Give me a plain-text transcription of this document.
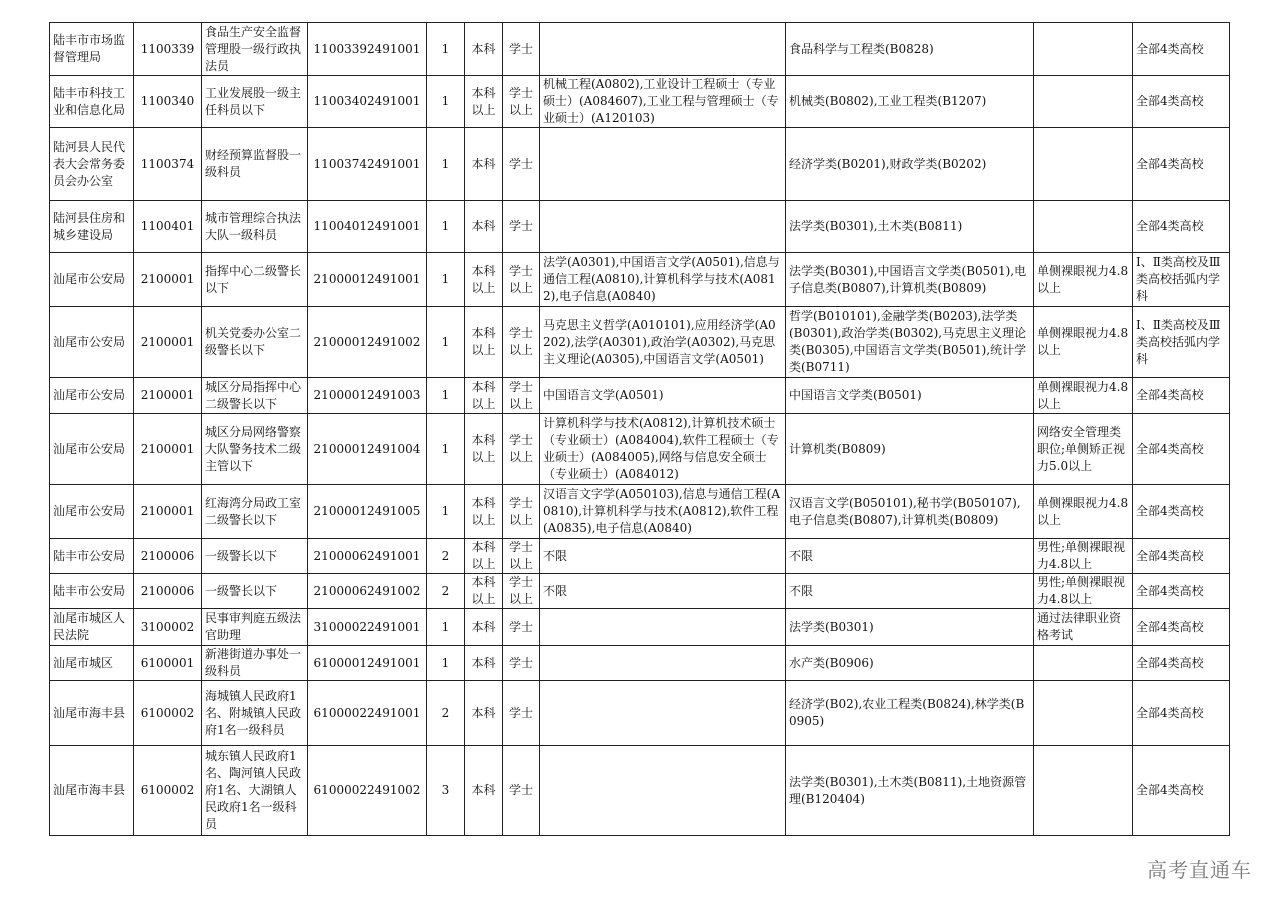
陆丰市市场监督管理局	1100339	食品生产安全监督管理股一级行政执法员	11003392491001	1	本科	学士		食品科学与工程类(B0828)		全部4类高校
陆丰市科技工业和信息化局	1100340	工业发展股一级主任科员以下	11003402491001	1	本科以上	学士以上	机械工程(A0802),工业设计工程硕士（专业硕士）(A084607),工业工程与管理硕士（专业硕士）(A120103)	机械类(B0802),工业工程类(B1207)		全部4类高校
陆河县人民代表大会常务委员会办公室	1100374	财经预算监督股一级科员	11003742491001	1	本科	学士		经济学类(B0201),财政学类(B0202)		全部4类高校
陆河县住房和城乡建设局	1100401	城市管理综合执法大队一级科员	11004012491001	1	本科	学士		法学类(B0301),土木类(B0811)		全部4类高校
汕尾市公安局	2100001	指挥中心二级警长以下	21000012491001	1	本科以上	学士以上	法学(A0301),中国语言文学(A0501),信息与通信工程(A0810),计算机科学与技术(A0812),电子信息(A0840)	法学类(B0301),中国语言文学类(B0501),电子信息类(B0807),计算机类(B0809)	单侧裸眼视力4.8以上	Ⅰ、Ⅱ类高校及Ⅲ类高校括弧内学科
汕尾市公安局	2100001	机关党委办公室二级警长以下	21000012491002	1	本科以上	学士以上	马克思主义哲学(A010101),应用经济学(A0202),法学(A0301),政治学(A0302),马克思主义理论(A0305),中国语言文学(A0501)	哲学(B010101),金融学类(B0203),法学类(B0301),政治学类(B0302),马克思主义理论类(B0305),中国语言文学类(B0501),统计学类(B0711)	单侧裸眼视力4.8以上	Ⅰ、Ⅱ类高校及Ⅲ类高校括弧内学科
汕尾市公安局	2100001	城区分局指挥中心二级警长以下	21000012491003	1	本科以上	学士以上	中国语言文学(A0501)	中国语言文学类(B0501)	单侧裸眼视力4.8以上	全部4类高校
汕尾市公安局	2100001	城区分局网络警察大队警务技术二级主管以下	21000012491004	1	本科以上	学士以上	计算机科学与技术(A0812),计算机技术硕士（专业硕士）(A084004),软件工程硕士（专业硕士）(A084005),网络与信息安全硕士（专业硕士）(A084012)	计算机类(B0809)	网络安全管理类职位;单侧矫正视力5.0以上	全部4类高校
汕尾市公安局	2100001	红海湾分局政工室二级警长以下	21000012491005	1	本科以上	学士以上	汉语言文字学(A050103),信息与通信工程(A0810),计算机科学与技术(A0812),软件工程(A0835),电子信息(A0840)	汉语言文学(B050101),秘书学(B050107),电子信息类(B0807),计算机类(B0809)	单侧裸眼视力4.8以上	全部4类高校
陆丰市公安局	2100006	一级警长以下	21000062491001	2	本科以上	学士以上	不限	不限	男性;单侧裸眼视力4.8以上	全部4类高校
陆丰市公安局	2100006	一级警长以下	21000062491002	2	本科以上	学士以上	不限	不限	男性;单侧裸眼视力4.8以上	全部4类高校
汕尾市城区人民法院	3100002	民事审判庭五级法官助理	31000022491001	1	本科	学士		法学类(B0301)	通过法律职业资格考试	全部4类高校
汕尾市城区	6100001	新港街道办事处一级科员	61000012491001	1	本科	学士		水产类(B0906)		全部4类高校
汕尾市海丰县	6100002	海城镇人民政府1名、附城镇人民政府1名一级科员	61000022491001	2	本科	学士		经济学(B02),农业工程类(B0824),林学类(B0905)		全部4类高校
汕尾市海丰县	6100002	城东镇人民政府1名、陶河镇人民政府1名、大湖镇人民政府1名一级科员	61000022491002	3	本科	学士		法学类(B0301),土木类(B0811),土地资源管理(B120404)		全部4类高校
高考直通车
